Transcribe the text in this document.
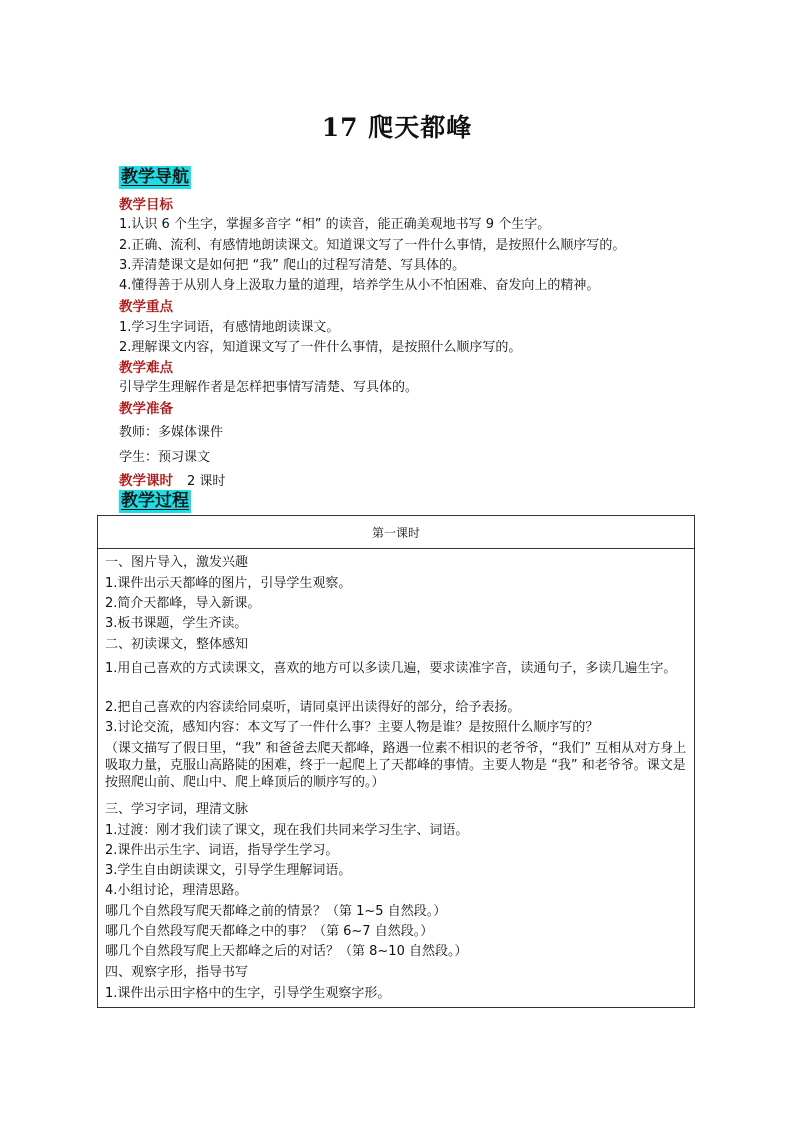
17 爬天都峰
教学导航
教学目标
1.认识 6 个生字，掌握多音字 “相” 的读音，能正确美观地书写 9 个生字。
2.正确、流利、有感情地朗读课文。知道课文写了一件什么事情，是按照什么顺序写的。
3.弄清楚课文是如何把 “我” 爬山的过程写清楚、写具体的。
4.懂得善于从别人身上汲取力量的道理，培养学生从小不怕困难、奋发向上的精神。
教学重点
1.学习生字词语，有感情地朗读课文。
2.理解课文内容，知道课文写了一件什么事情，是按照什么顺序写的。
教学难点
引导学生理解作者是怎样把事情写清楚、写具体的。
教学准备
教师：多媒体课件
学生：预习课文
教学课时 2 课时
教学过程
第一课时
一、图片导入，激发兴趣
1.课件出示天都峰的图片，引导学生观察。
2.简介天都峰，导入新课。
3.板书课题，学生齐读。
二、初读课文，整体感知
1.用自己喜欢的方式读课文，喜欢的地方可以多读几遍，要求读准字音，读通句子，多读几遍生字。
2.把自己喜欢的内容读给同桌听，请同桌评出读得好的部分，给予表扬。
3.讨论交流，感知内容：本文写了一件什么事？主要人物是谁？是按照什么顺序写的？
（课文描写了假日里，“我” 和爸爸去爬天都峰，路遇一位素不相识的老爷爷，“我们” 互相从对方身上吸取力量，克服山高路陡的困难，终于一起爬上了天都峰的事情。主要人物是 “我” 和老爷爷。课文是按照爬山前、爬山中、爬上峰顶后的顺序写的。）
三、学习字词，理清文脉
1.过渡：刚才我们读了课文，现在我们共同来学习生字、词语。
2.课件出示生字、词语，指导学生学习。
3.学生自由朗读课文，引导学生理解词语。
4.小组讨论，理清思路。
哪几个自然段写爬天都峰之前的情景？（第 1~5 自然段。）
哪几个自然段写爬天都峰之中的事？（第 6~7 自然段。）
哪几个自然段写爬上天都峰之后的对话？（第 8~10 自然段。）
四、观察字形，指导书写
1.课件出示田字格中的生字，引导学生观察字形。
